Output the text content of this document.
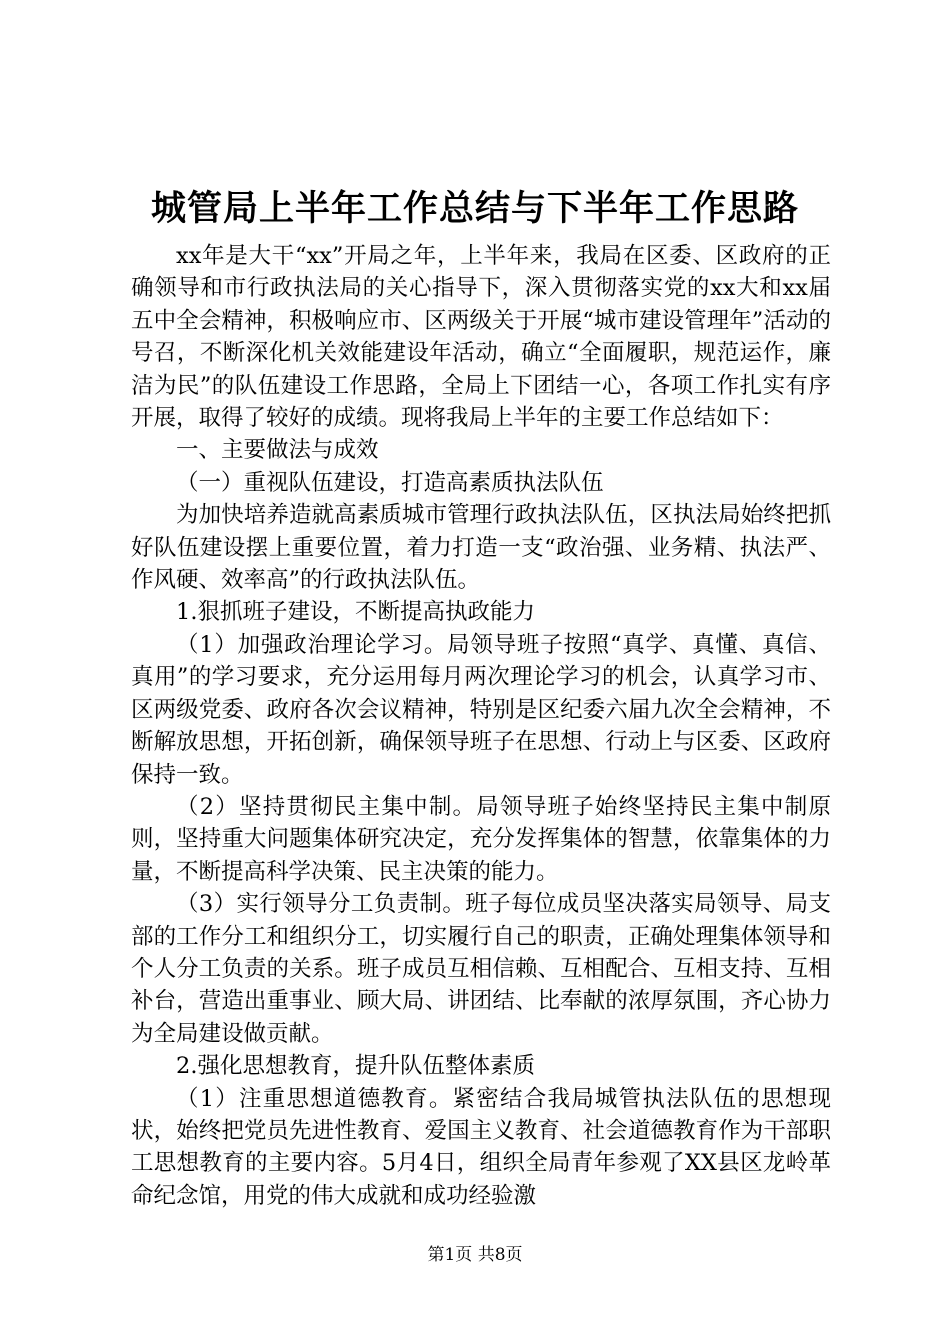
城管局上半年工作总结与下半年工作思路

xx年是大干“xx”开局之年，上半年来，我局在区委、区政府的正确领导和市行政执法局的关心指导下，深入贯彻落实党的xx大和xx届五中全会精神，积极响应市、区两级关于开展“城市建设管理年”活动的号召，不断深化机关效能建设年活动，确立“全面履职，规范运作，廉洁为民”的队伍建设工作思路，全局上下团结一心，各项工作扎实有序开展，取得了较好的成绩。现将我局上半年的主要工作总结如下：

一、主要做法与成效

（一）重视队伍建设，打造高素质执法队伍

为加快培养造就高素质城市管理行政执法队伍，区执法局始终把抓好队伍建设摆上重要位置，着力打造一支“政治强、业务精、执法严、作风硬、效率高”的行政执法队伍。

1.狠抓班子建设，不断提高执政能力

（1）加强政治理论学习。局领导班子按照“真学、真懂、真信、真用”的学习要求，充分运用每月两次理论学习的机会，认真学习市、区两级党委、政府各次会议精神，特别是区纪委六届九次全会精神，不断解放思想，开拓创新，确保领导班子在思想、行动上与区委、区政府保持一致。

（2）坚持贯彻民主集中制。局领导班子始终坚持民主集中制原则，坚持重大问题集体研究决定，充分发挥集体的智慧，依靠集体的力量，不断提高科学决策、民主决策的能力。

（3）实行领导分工负责制。班子每位成员坚决落实局领导、局支部的工作分工和组织分工，切实履行自己的职责，正确处理集体领导和个人分工负责的关系。班子成员互相信赖、互相配合、互相支持、互相补台，营造出重事业、顾大局、讲团结、比奉献的浓厚氛围，齐心协力为全局建设做贡献。

2.强化思想教育，提升队伍整体素质

（1）注重思想道德教育。紧密结合我局城管执法队伍的思想现状，始终把党员先进性教育、爱国主义教育、社会道德教育作为干部职工思想教育的主要内容。5月4日，组织全局青年参观了XX县区龙岭革命纪念馆，用党的伟大成就和成功经验激

第1页 共8页
